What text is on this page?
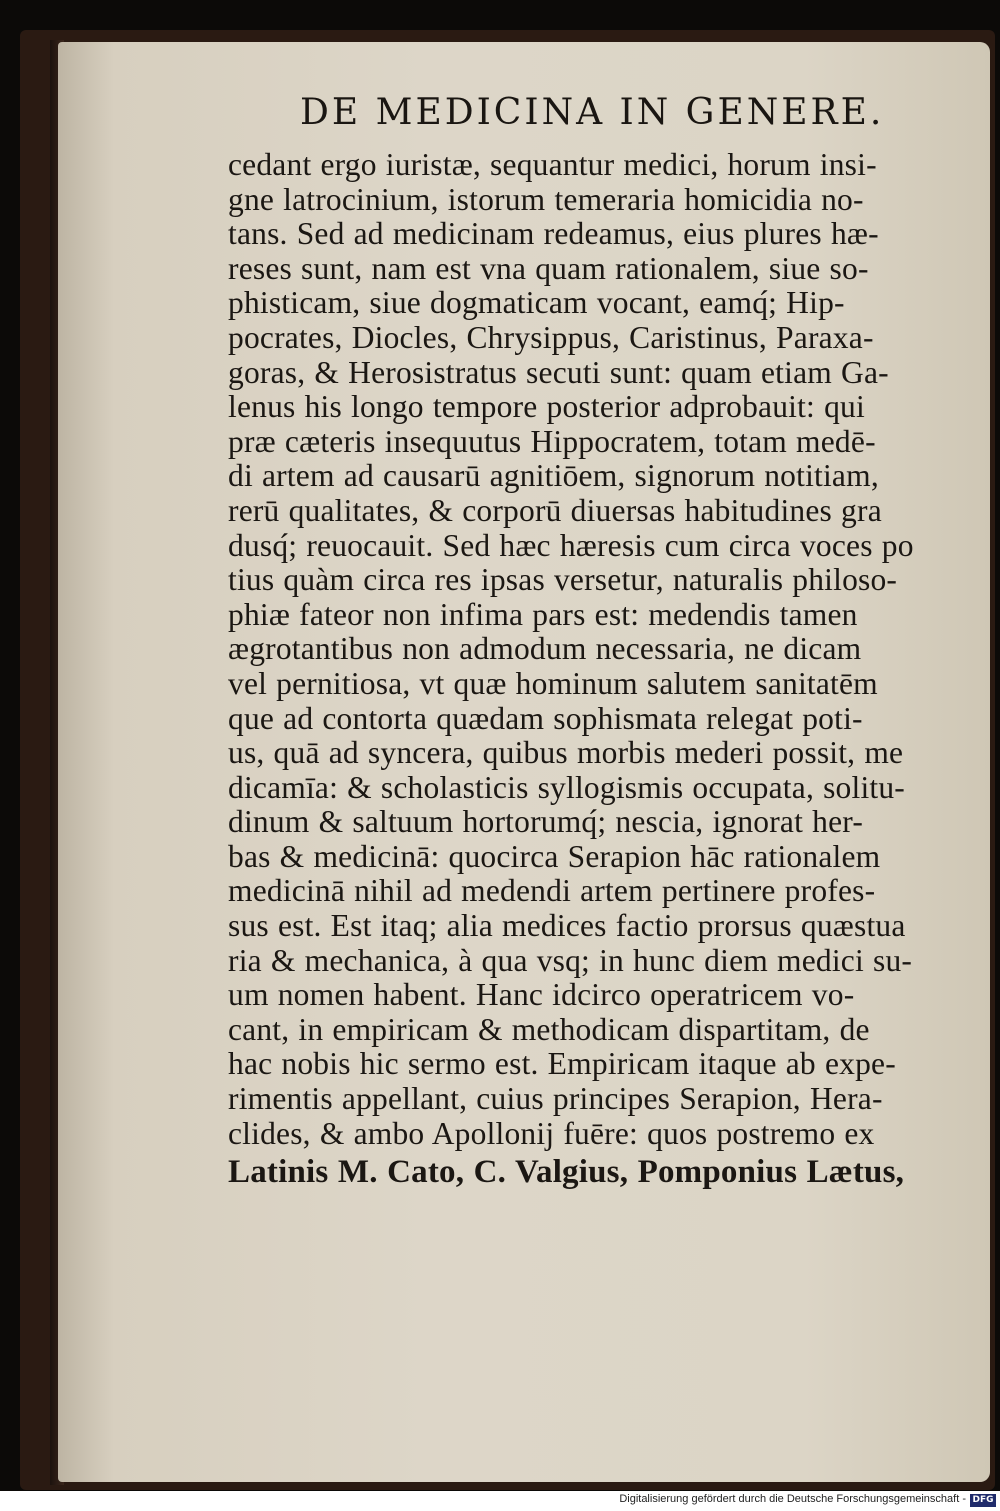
DE MEDICINA IN GENERE.
cedant ergo iuristæ, sequantur medici, horum insi-
gne latrocinium, istorum temeraria homicidia no-
tans. Sed ad medicinam redeamus, eius plures hæ-
reses sunt, nam est vna quam rationalem, siue so-
phisticam, siue dogmaticam vocant, eamq́; Hip-
pocrates, Diocles, Chrysippus, Caristinus, Paraxa-
goras, & Herosistratus secuti sunt: quam etiam Ga-
lenus his longo tempore posterior adprobauit: qui
præ cæteris insequutus Hippocratem, totam medē-
di artem ad causarū agnitiōem, signorum notitiam,
rerū qualitates, & corporū diuersas habitudines gra
dusq́; reuocauit. Sed hæc hæresis cum circa voces po
tius quàm circa res ipsas versetur, naturalis philoso-
phiæ fateor non infima pars est: medendis tamen
ægrotantibus non admodum necessaria, ne dicam
vel pernitiosa, vt quæ hominum salutem sanitatēm
que ad contorta quædam sophismata relegat poti-
us, quā ad syncera, quibus morbis mederi possit, me
dicamīa: & scholasticis syllogismis occupata, solitu-
dinum & saltuum hortorumq́; nescia, ignorat her-
bas & medicinā: quocirca Serapion hāc rationalem
medicinā nihil ad medendi artem pertinere profes-
sus est. Est itaq; alia medices factio prorsus quæstua
ria & mechanica, à qua vsq; in hunc diem medici su-
um nomen habent. Hanc idcirco operatricem vo-
cant, in empiricam & methodicam dispartitam, de
hac nobis hic sermo est. Empiricam itaque ab expe-
rimentis appellant, cuius principes Serapion, Hera-
clides, & ambo Apollonij fuēre: quos postremo ex
Latinis M. Cato, C. Valgius, Pomponius Lætus,
Digitalisierung gefördert durch die Deutsche Forschungsgemeinschaft - DFG
